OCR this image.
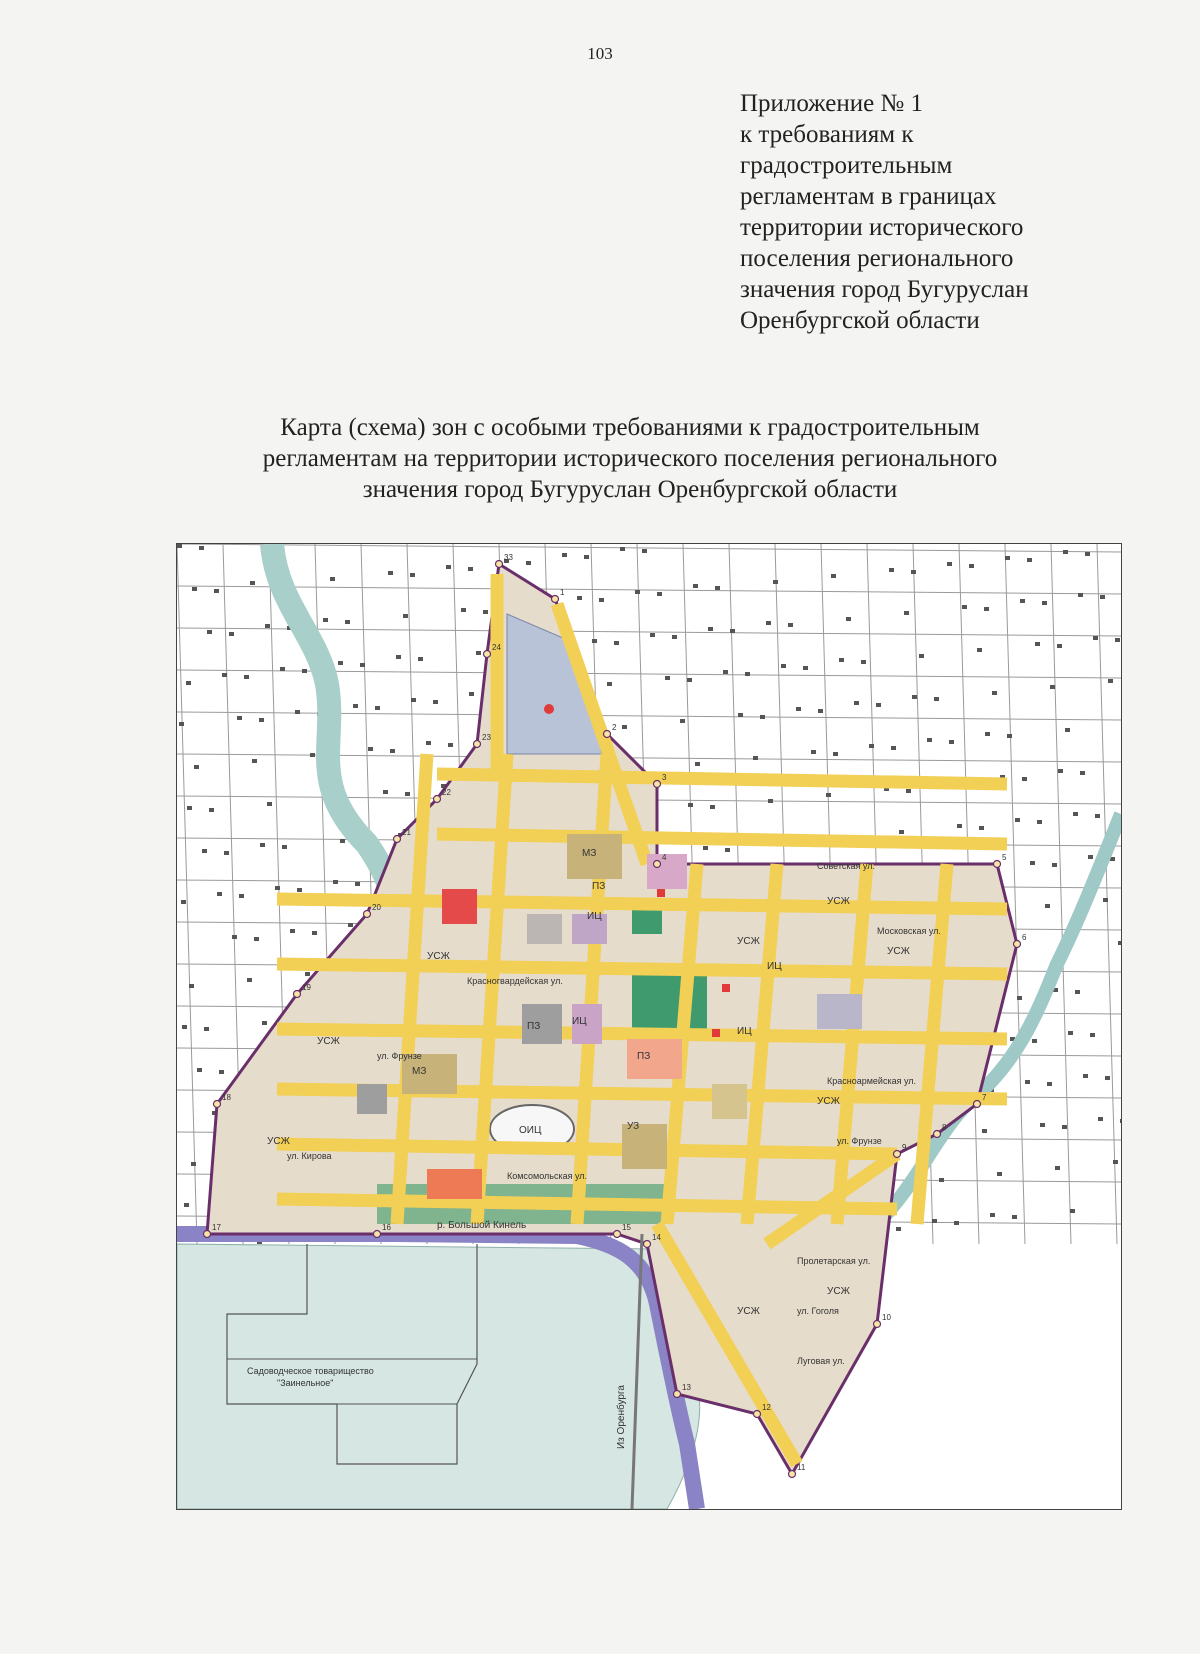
103
Приложение № 1
к требованиям к
градостроительным
регламентам в границах
территории исторического
поселения регионального
значения город Бугуруслан
Оренбургской области
Карта (схема) зон с особыми требованиями к градостроительным
регламентам на территории исторического поселения регионального
значения город Бугуруслан Оренбургской области
УСЖ
ИЦ
МЗ
ПЗ
УЗ
ОИЦ
УСЖ
ИЦ
ПЗ
УСЖ
УСЖ
ИЦ
МЗ
ПЗ
УСЖ
УСЖ
ИЦ
УСЖ
УСЖ
УСЖ
ул. Кирова
Комсомольская ул.
Красногвардейская ул.
ул. Фрунзе
Советская ул.
Московская ул.
ул. Гоголя
Пролетарская ул.
Красноармейская ул.
Луговая ул.
ул. Фрунзе
р. Большой Кинель
Садоводческое товарищество
"Заинельное"
Из Оренбурга
33
1
2
3
4	5
6
7
8
9
10
11
12
13
14
15
16
17
18
19
20
21
22
23
24
